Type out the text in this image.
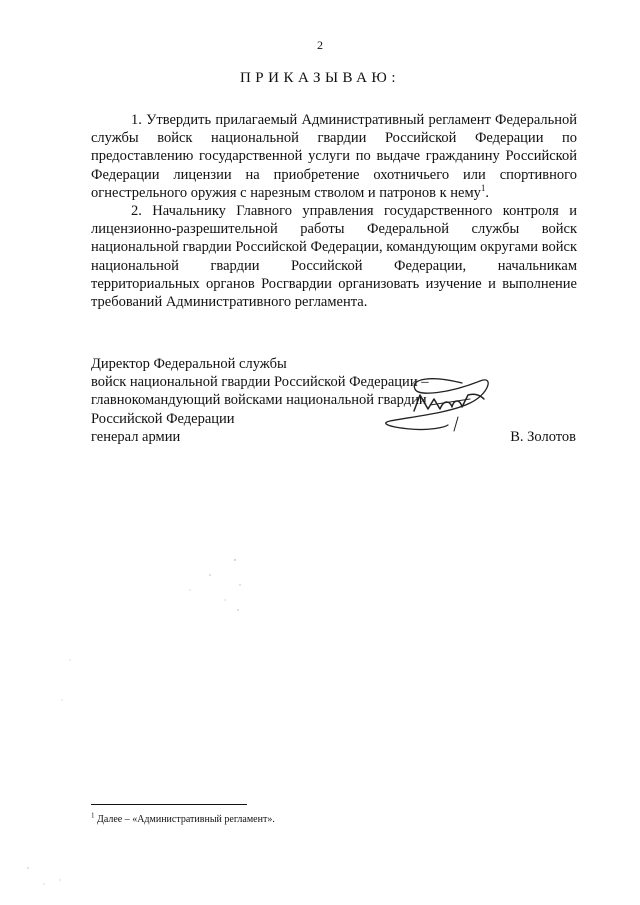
2
ПРИКАЗЫВАЮ:

1. Утвердить прилагаемый Административный регламент Федеральной службы войск национальной гвардии Российской Федерации по предоставлению государственной услуги по выдаче гражданину Российской Федерации лицензии на приобретение охотничьего или спортивного огнестрельного оружия с нарезным стволом и патронов к нему$^1$.

2. Начальнику Главного управления государственного контроля и лицензионно-разрешительной работы Федеральной службы войск национальной гвардии Российской Федерации, командующим округами войск национальной гвардии Российской Федерации, начальникам территориальных органов Росгвардии организовать изучение и выполнение требований Административного регламента.

Директор Федеральной службы
войск национальной гвардии Российской Федерации –
главнокомандующий войсками национальной гвардии
Российской Федерации
генерал армии	В. Золотов
$^1$ Далее – «Административный регламент».
